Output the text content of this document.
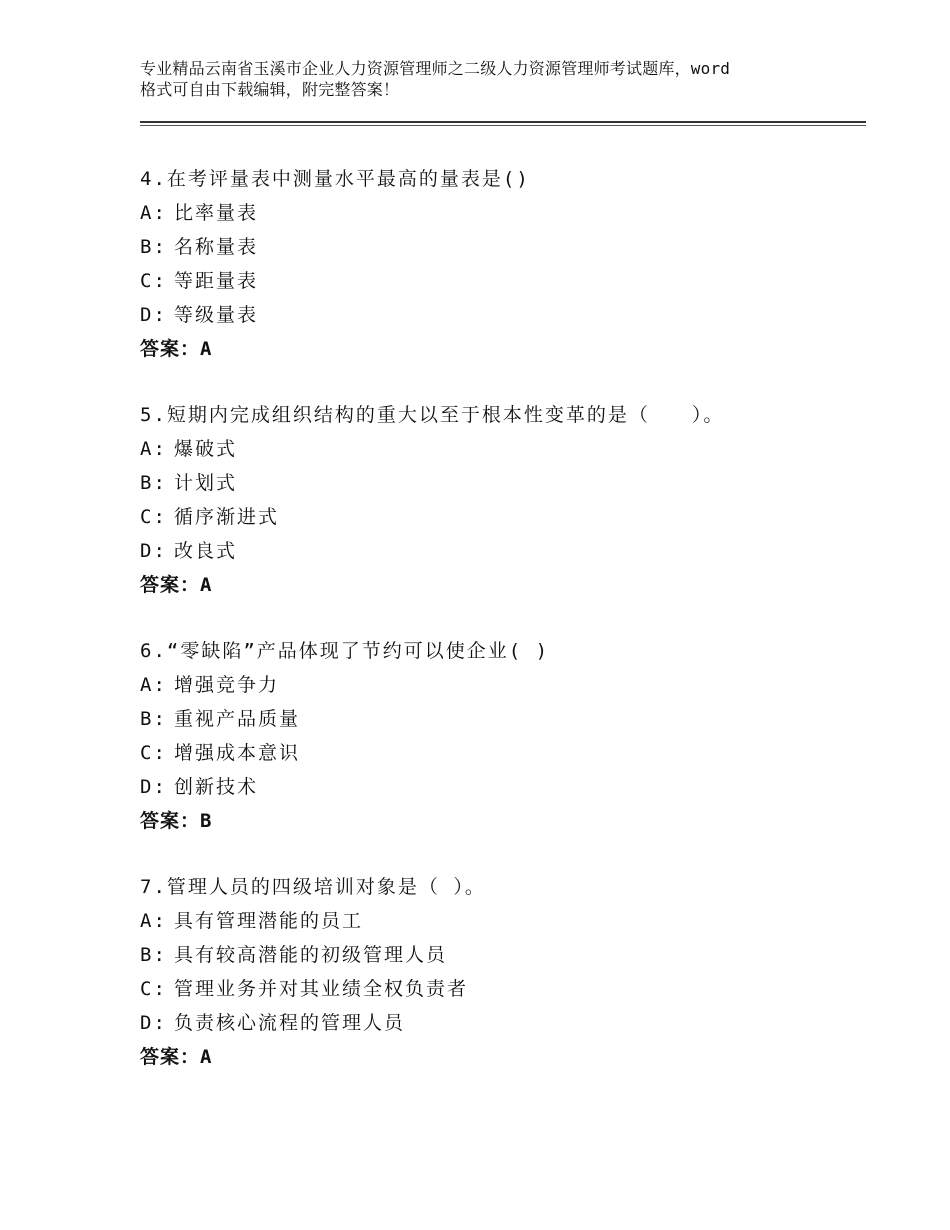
专业精品云南省玉溪市企业人力资源管理师之二级人力资源管理师考试题库，word
格式可自由下载编辑，附完整答案！
4.在考评量表中测量水平最高的量表是()
A: 比率量表
B: 名称量表
C: 等距量表
D: 等级量表
答案：A
5.短期内完成组织结构的重大以至于根本性变革的是（　　）。
A: 爆破式
B: 计划式
C: 循序渐进式
D: 改良式
答案：A
6.“零缺陷”产品体现了节约可以使企业( )
A: 增强竞争力
B: 重视产品质量
C: 增强成本意识
D: 创新技术
答案：B
7.管理人员的四级培训对象是（ ）。
A: 具有管理潜能的员工
B: 具有较高潜能的初级管理人员
C: 管理业务并对其业绩全权负责者
D: 负责核心流程的管理人员
答案：A
